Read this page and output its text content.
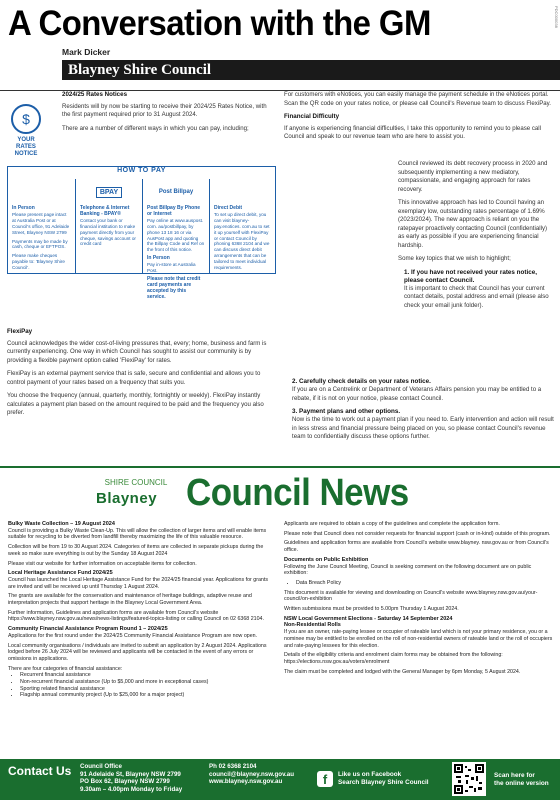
A Conversation with the GM
Mark Dicker
Blayney Shire Council
PDC000038
$
YOUR RATES
NOTICE
2024/25 Rates Notices

Residents will by now be starting to receive their 2024/25 Rates Notice, with the first payment required prior to 31 August 2024.

There are a number of different ways in which you can pay, including;

HOW TO PAY
In Person

Please present page intact at Australia Post or at Council's office, 91 Adelaide Street, Blayney NSW 2799

Payments may be made by cash, cheque or EFTPOS.

Please make cheques payable to: 'Blayney Shire Council'.

BPAY
Telephone & Internet Banking - BPAY®

Contact your bank or financial institution to make payment directly from your cheque, savings account or credit card

Post Billpay
Post Billpay By Phone or Internet

Pay online at www.auspost. com. au/postbillpay, by phone 13 18 16 or via AusPost app and quoting the Billpay Code and Ref on the front of this notice.

In Person

Pay in-store at Australia Post.

Please note that credit card payments are accepted by this service.
Direct Debit

To set up direct debit, you can visit blayney-pay.enotices. com.au to set it up yourself with FlexiPay or contact Council by phoning 6368 2104 and we can discuss direct debit arrangements that can be tailored to meet individual requirements.

FlexiPay

Council acknowledges the wider cost-of-living pressures that, every; home, business and farm is currently experiencing. One way in which Council has sought to assist our community is by providing a flexible payment option called 'FlexiPay' for rates.

FlexiPay is an external payment service that is safe, secure and confidential and allows you to control payment of your rates based on a frequency that suits you.

You choose the frequency (annual, quarterly, monthly, fortnightly or weekly). FlexiPay instantly calculates a payment plan based on the amount required to be paid and the frequency you also prefer.

For customers with eNotices, you can easily manage the payment schedule in the eNotices portal. Scan the QR code on your rates notice, or please call Council's Revenue team to discuss FlexiPay.

Financial Difficulty

If anyone is experiencing financial difficulties, I take this opportunity to remind you to please call Council and speak to our revenue team who are here to assist you.

Council reviewed its debt recovery process in 2020 and subsequently implementing a new mediatory, compassionate, and engaging approach for rates recovery.

This innovative approach has led to Council having an exemplary low, outstanding rates percentage of 1.69% (2023/2024). The new approach is reliant on you the ratepayer proactively contacting Council (confidentially) as early as possible if you are experiencing financial hardship.

Some key topics that we wish to highlight;

1. If you have not received your rates notice, please contact Council.

It is important to check that Council has your current contact details, postal address and email (please also check your email junk folder).

2. Carefully check details on your rates notice.

If you are on a Centrelink or Department of Veterans Affairs pension you may be entitled to a rebate, if it is not on your notice, please contact Council.

3. Payment plans and other options.

Now is the time to work out a payment plan if you need to. Early intervention and action will result in less stress and financial pressure being placed on you, so please contact Council's revenue team to confidentially discuss these options further.

SHIRE COUNCIL
Blayney Council News
Bulky Waste Collection – 19 August 2024

Council is providing a Bulky Waste Clean-Up. This will allow the collection of larger items and will enable items suitable for recycling to be diverted from landfill thereby maximizing the life of this valuable resource.

Collection will be from 19 to 30 August 2024. Categories of items are collected in separate pickups during the week so make sure everything is out by the Sunday 18 August 2024

Please visit our website for further information on acceptable items for collection.

Local Heritage Assistance Fund 2024/25

Council has launched the Local Heritage Assistance Fund for the 2024/25 financial year. Applications for grants are invited and will be received up until Thursday 1 August 2024.

The grants are available for the conservation and maintenance of heritage buildings, adaptive reuse and interpretation projects that support heritage in the Blayney Local Government Area.

Further information, Guidelines and application forms are available from Council's website https://www.blayney.nsw.gov.au/news/news-listings/featured-topics-listing or calling Council on 02 6368 2104.

Community Financial Assistance Program Round 1 – 2024/25

Applications for the first round under the 2024/25 Community Financial Assistance Program are now open.

Local community organisations / individuals are invited to submit an application by 2 August 2024. Applications lodged before 26 July 2024 will be reviewed and applicants will be contacted in the event of any errors or omissions in applications.

There are four categories of financial assistance:

• Recurrent financial assistance
• Non-recurrent financial assistance (Up to $5,000 and more in exceptional cases)
• Sporting related financial assistance
• Flagship annual community project (Up to $25,000 for a major project)

Applicants are required to obtain a copy of the guidelines and complete the application form.

Please note that Council does not consider requests for financial support (cash or in-kind) outside of this program.

Guidelines and application forms are available from Council's website www.blayney. nsw.gov.au or from Council's office.

Documents on Public Exhibition

Following the June Council Meeting, Council is seeking comment on the following document are on public exhibition:

• Data Breach Policy

This document is available for viewing and downloading on Council's website www.blayney.nsw.gov.au/your-council/on-exhibition

Written submissions must be provided to 5.00pm Thursday 1 August 2024.

NSW Local Government Elections - Saturday 14 September 2024
Non-Residential Rolls

If you are an owner, rate-paying lessee or occupier of rateable land which is not your primary residence, you or a nominee may be entitled to be enrolled on the roll of non-residential owners of rateable land or the roll of occupiers and rate-paying lessees for this election.

Details of the eligibility criteria and enrolment claim forms may be obtained from the following: https://elections.nsw.gov.au/voters/enrolment

The claim must be completed and lodged with the General Manager by 6pm Monday, 5 August 2024.

Contact Us Council Office
91 Adelaide St, Blayney NSW 2799
PO Box 62, Blayney NSW 2799
9.30am – 4.00pm Monday to Friday
Ph 02 6368 2104
council@blayney.nsw.gov.au
www.blayney.nsw.gov.au	f	Like us on Facebook
Search Blayney Shire Council
Scan here for
the online version
